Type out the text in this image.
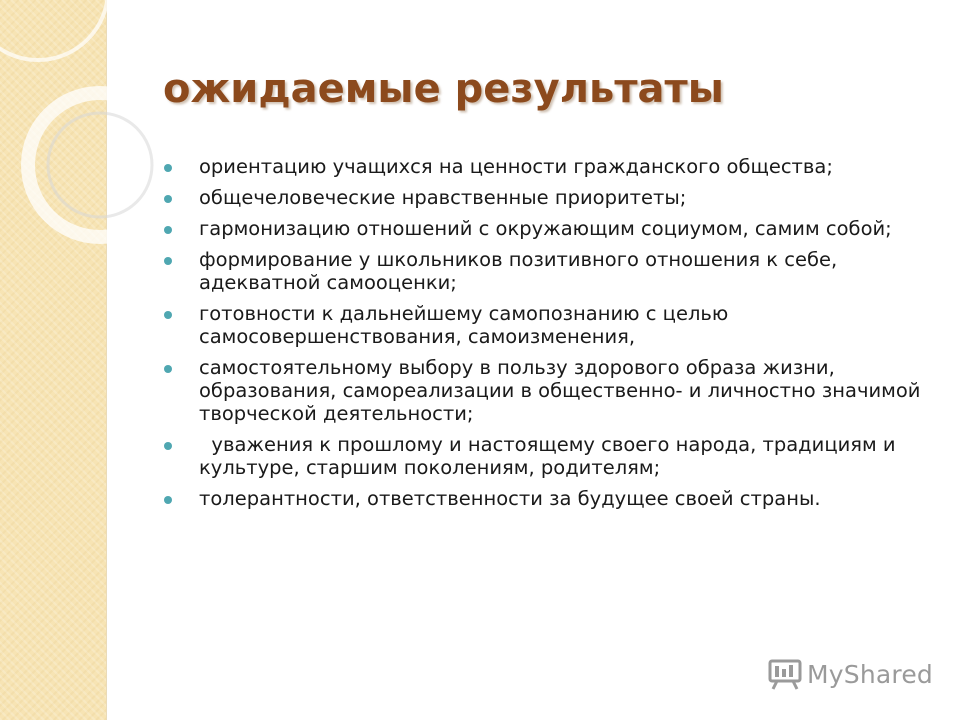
ожидаемые результаты
ориентацию учащихся на ценности гражданского общества;
общечеловеческие нравственные приоритеты;
гармонизацию отношений с окружающим социумом, самим собой;
формирование у школьников позитивного отношения к себе, адекватной самооценки;
готовности к дальнейшему самопознанию с целью самосовершенствования, самоизменения,
самостоятельному выбору в пользу здорового образа жизни, образования, самореализации в общественно- и личностно значимой творческой деятельности;
уважения к прошлому и настоящему своего народа, традициям и культуре, старшим поколениям, родителям;
толерантности, ответственности за будущее своей страны.
MyShared
